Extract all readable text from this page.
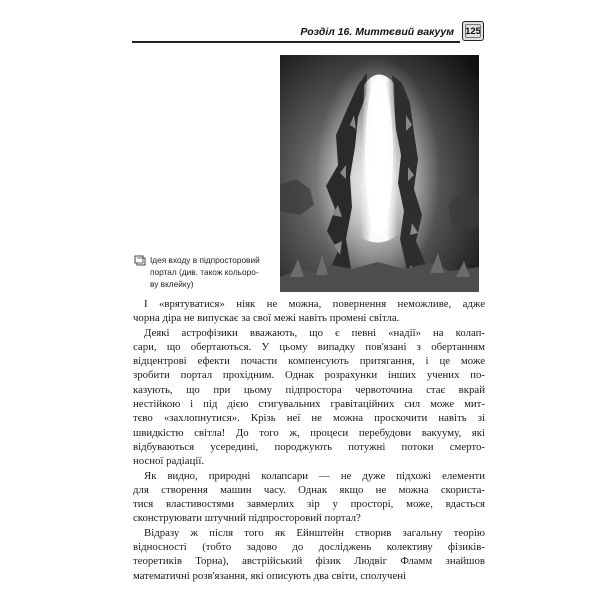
Розділ 16. Миттєвий вакуум 125
Ідея входу в підпросторовий
портал (див. також кольоро-
ву вклейку)
І «врятуватися» ніяк не можна, повернення неможливе, адже
чорна діра не випускає за свої межі навіть промені світла.
Деякі астрофізики вважають, що є певні «надії» на колап-
сари, що обертаються. У цьому випадку пов'язані з обертанням
відцентрові ефекти почасти компенсують притягання, і це може
зробити портал прохідним. Однак розрахунки інших учених по-
казують, що при цьому підпростора червоточина стає вкрай
нестійкою і під дією стигувальних гравітаційних сил може мит-
тєво «захлопнутися». Крізь неї не можна проскочити навіть зі
швидкістю світла! До того ж, процеси перебудови вакууму, які
відбуваються усередині, породжують потужні потоки смерто-
носної радіації.
Як видно, природні колапсари — не дуже підхожі елементи
для створення машин часу. Однак якщо не можна скориста-
тися властивостями завмерлих зір у просторі, може, вдасться
сконструювати штучний підпросторовий портал?
Відразу ж після того як Ейнштейн створив загальну теорію
відносності (тобто задово до досліджень колективу фізиків-
теоретиків Торна), австрійський фізик Людвіг Фламм знайшов
математичні розв'язання, які описують два світи, сполучені
